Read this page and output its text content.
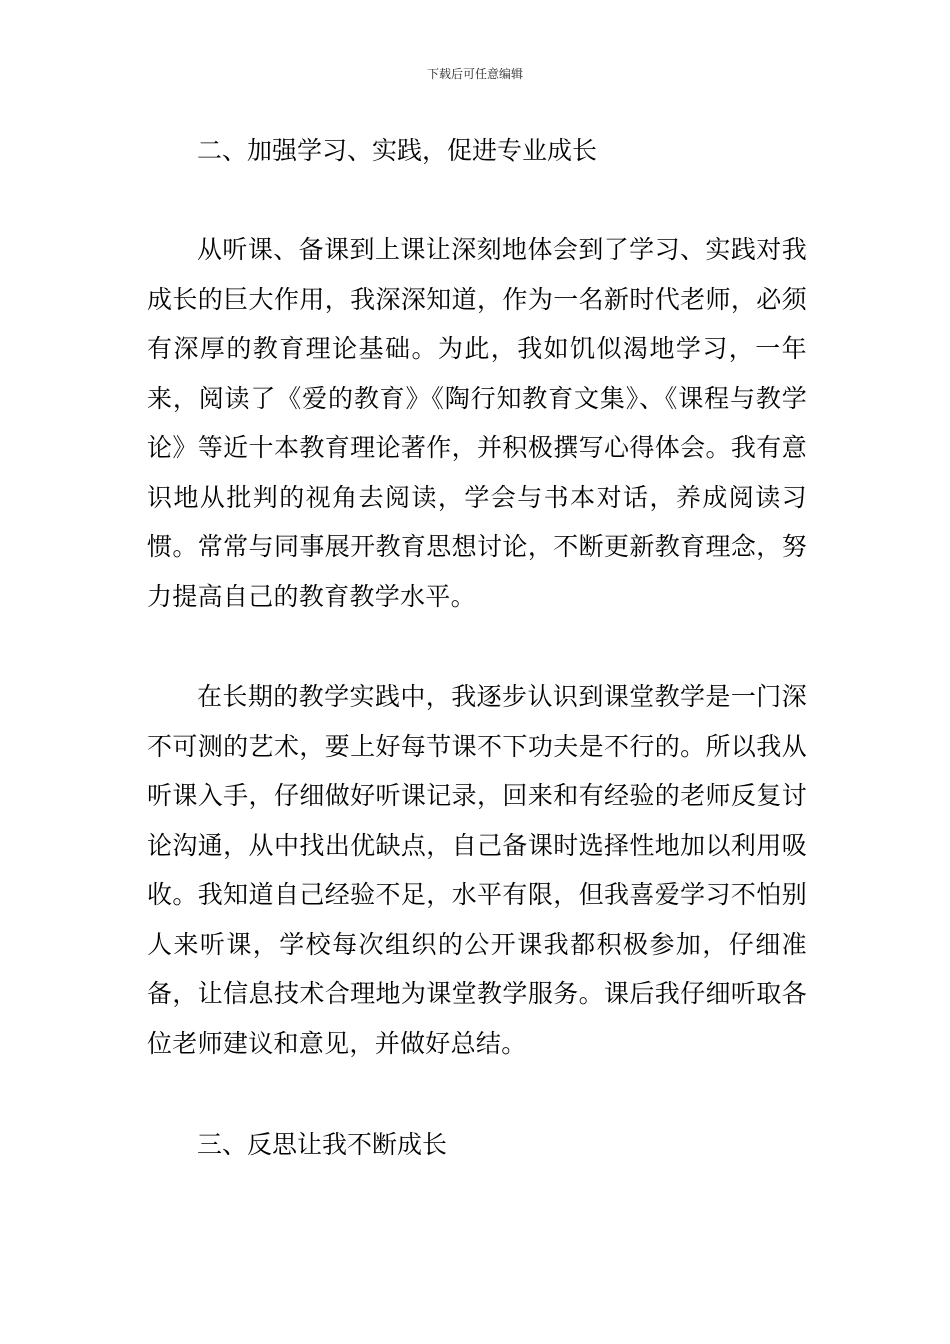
下载后可任意编辑
二、加强学习、实践，促进专业成长
从听课、备课到上课让深刻地体会到了学习、实践对我成长的巨大作用，我深深知道，作为一名新时代老师，必须有深厚的教育理论基础。为此，我如饥似渴地学习，一年来，阅读了《爱的教育》《陶行知教育文集》、《课程与教学论》等近十本教育理论著作，并积极撰写心得体会。我有意识地从批判的视角去阅读，学会与书本对话，养成阅读习惯。常常与同事展开教育思想讨论，不断更新教育理念，努力提高自己的教育教学水平。
在长期的教学实践中，我逐步认识到课堂教学是一门深不可测的艺术，要上好每节课不下功夫是不行的。所以我从听课入手，仔细做好听课记录，回来和有经验的老师反复讨论沟通，从中找出优缺点，自己备课时选择性地加以利用吸收。我知道自己经验不足，水平有限，但我喜爱学习不怕别人来听课，学校每次组织的公开课我都积极参加，仔细准备，让信息技术合理地为课堂教学服务。课后我仔细听取各位老师建议和意见，并做好总结。
三、反思让我不断成长
